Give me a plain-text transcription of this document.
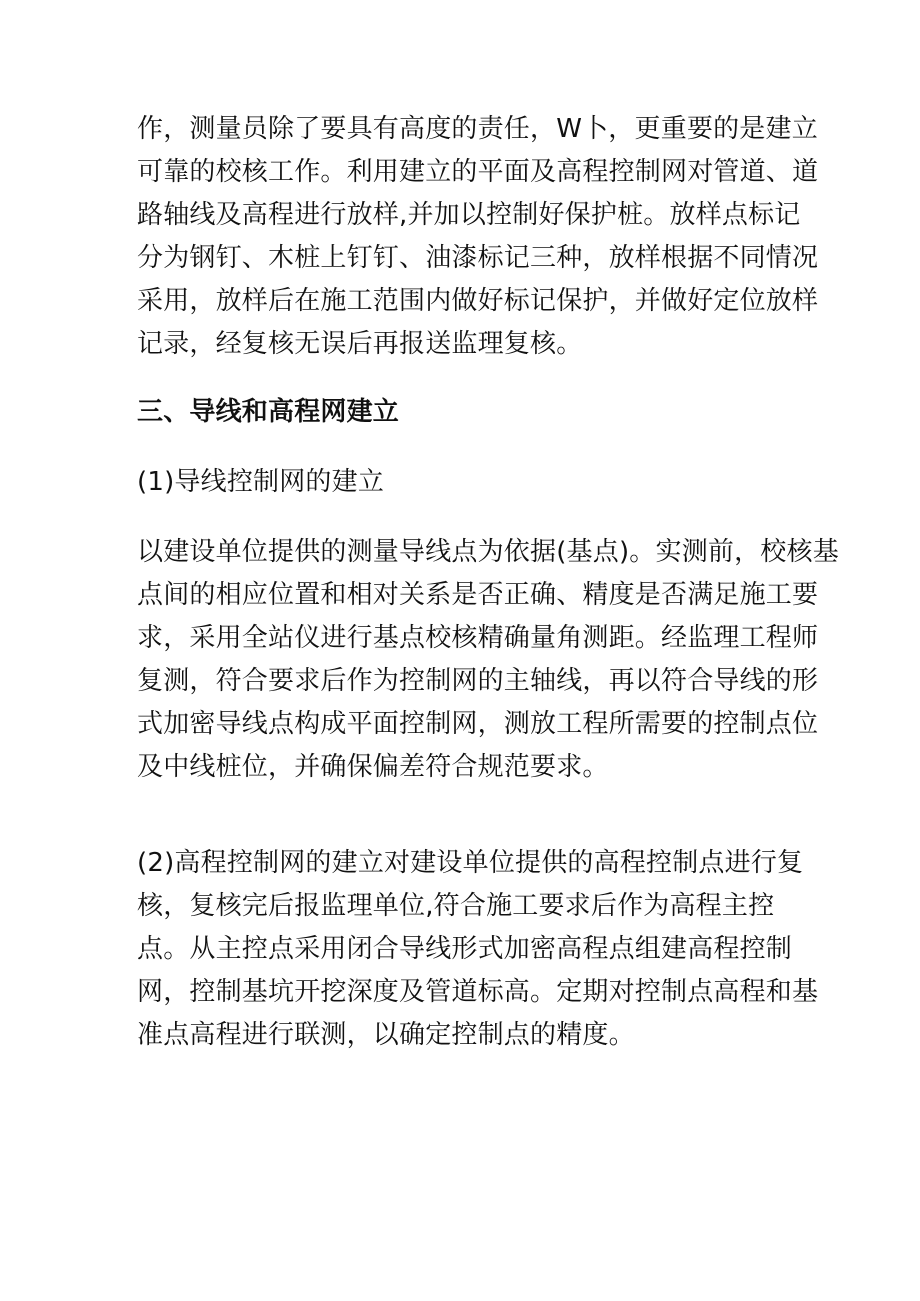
作，测量员除了要具有高度的责任，W卜，更重要的是建立
可靠的校核工作。利用建立的平面及高程控制网对管道、道
路轴线及高程进行放样,并加以控制好保护桩。放样点标记
分为钢钉、木桩上钉钉、油漆标记三种，放样根据不同情况
采用，放样后在施工范围内做好标记保护，并做好定位放样
记录，经复核无误后再报送监理复核。
三、导线和高程网建立
(1)导线控制网的建立
以建设单位提供的测量导线点为依据(基点)。实测前，校核基
点间的相应位置和相对关系是否正确、精度是否满足施工要
求，采用全站仪进行基点校核精确量角测距。经监理工程师
复测，符合要求后作为控制网的主轴线，再以符合导线的形
式加密导线点构成平面控制网，测放工程所需要的控制点位
及中线桩位，并确保偏差符合规范要求。
(2)高程控制网的建立对建设单位提供的高程控制点进行复
核，复核完后报监理单位,符合施工要求后作为高程主控
点。从主控点采用闭合导线形式加密高程点组建高程控制
网，控制基坑开挖深度及管道标高。定期对控制点高程和基
准点高程进行联测，以确定控制点的精度。
